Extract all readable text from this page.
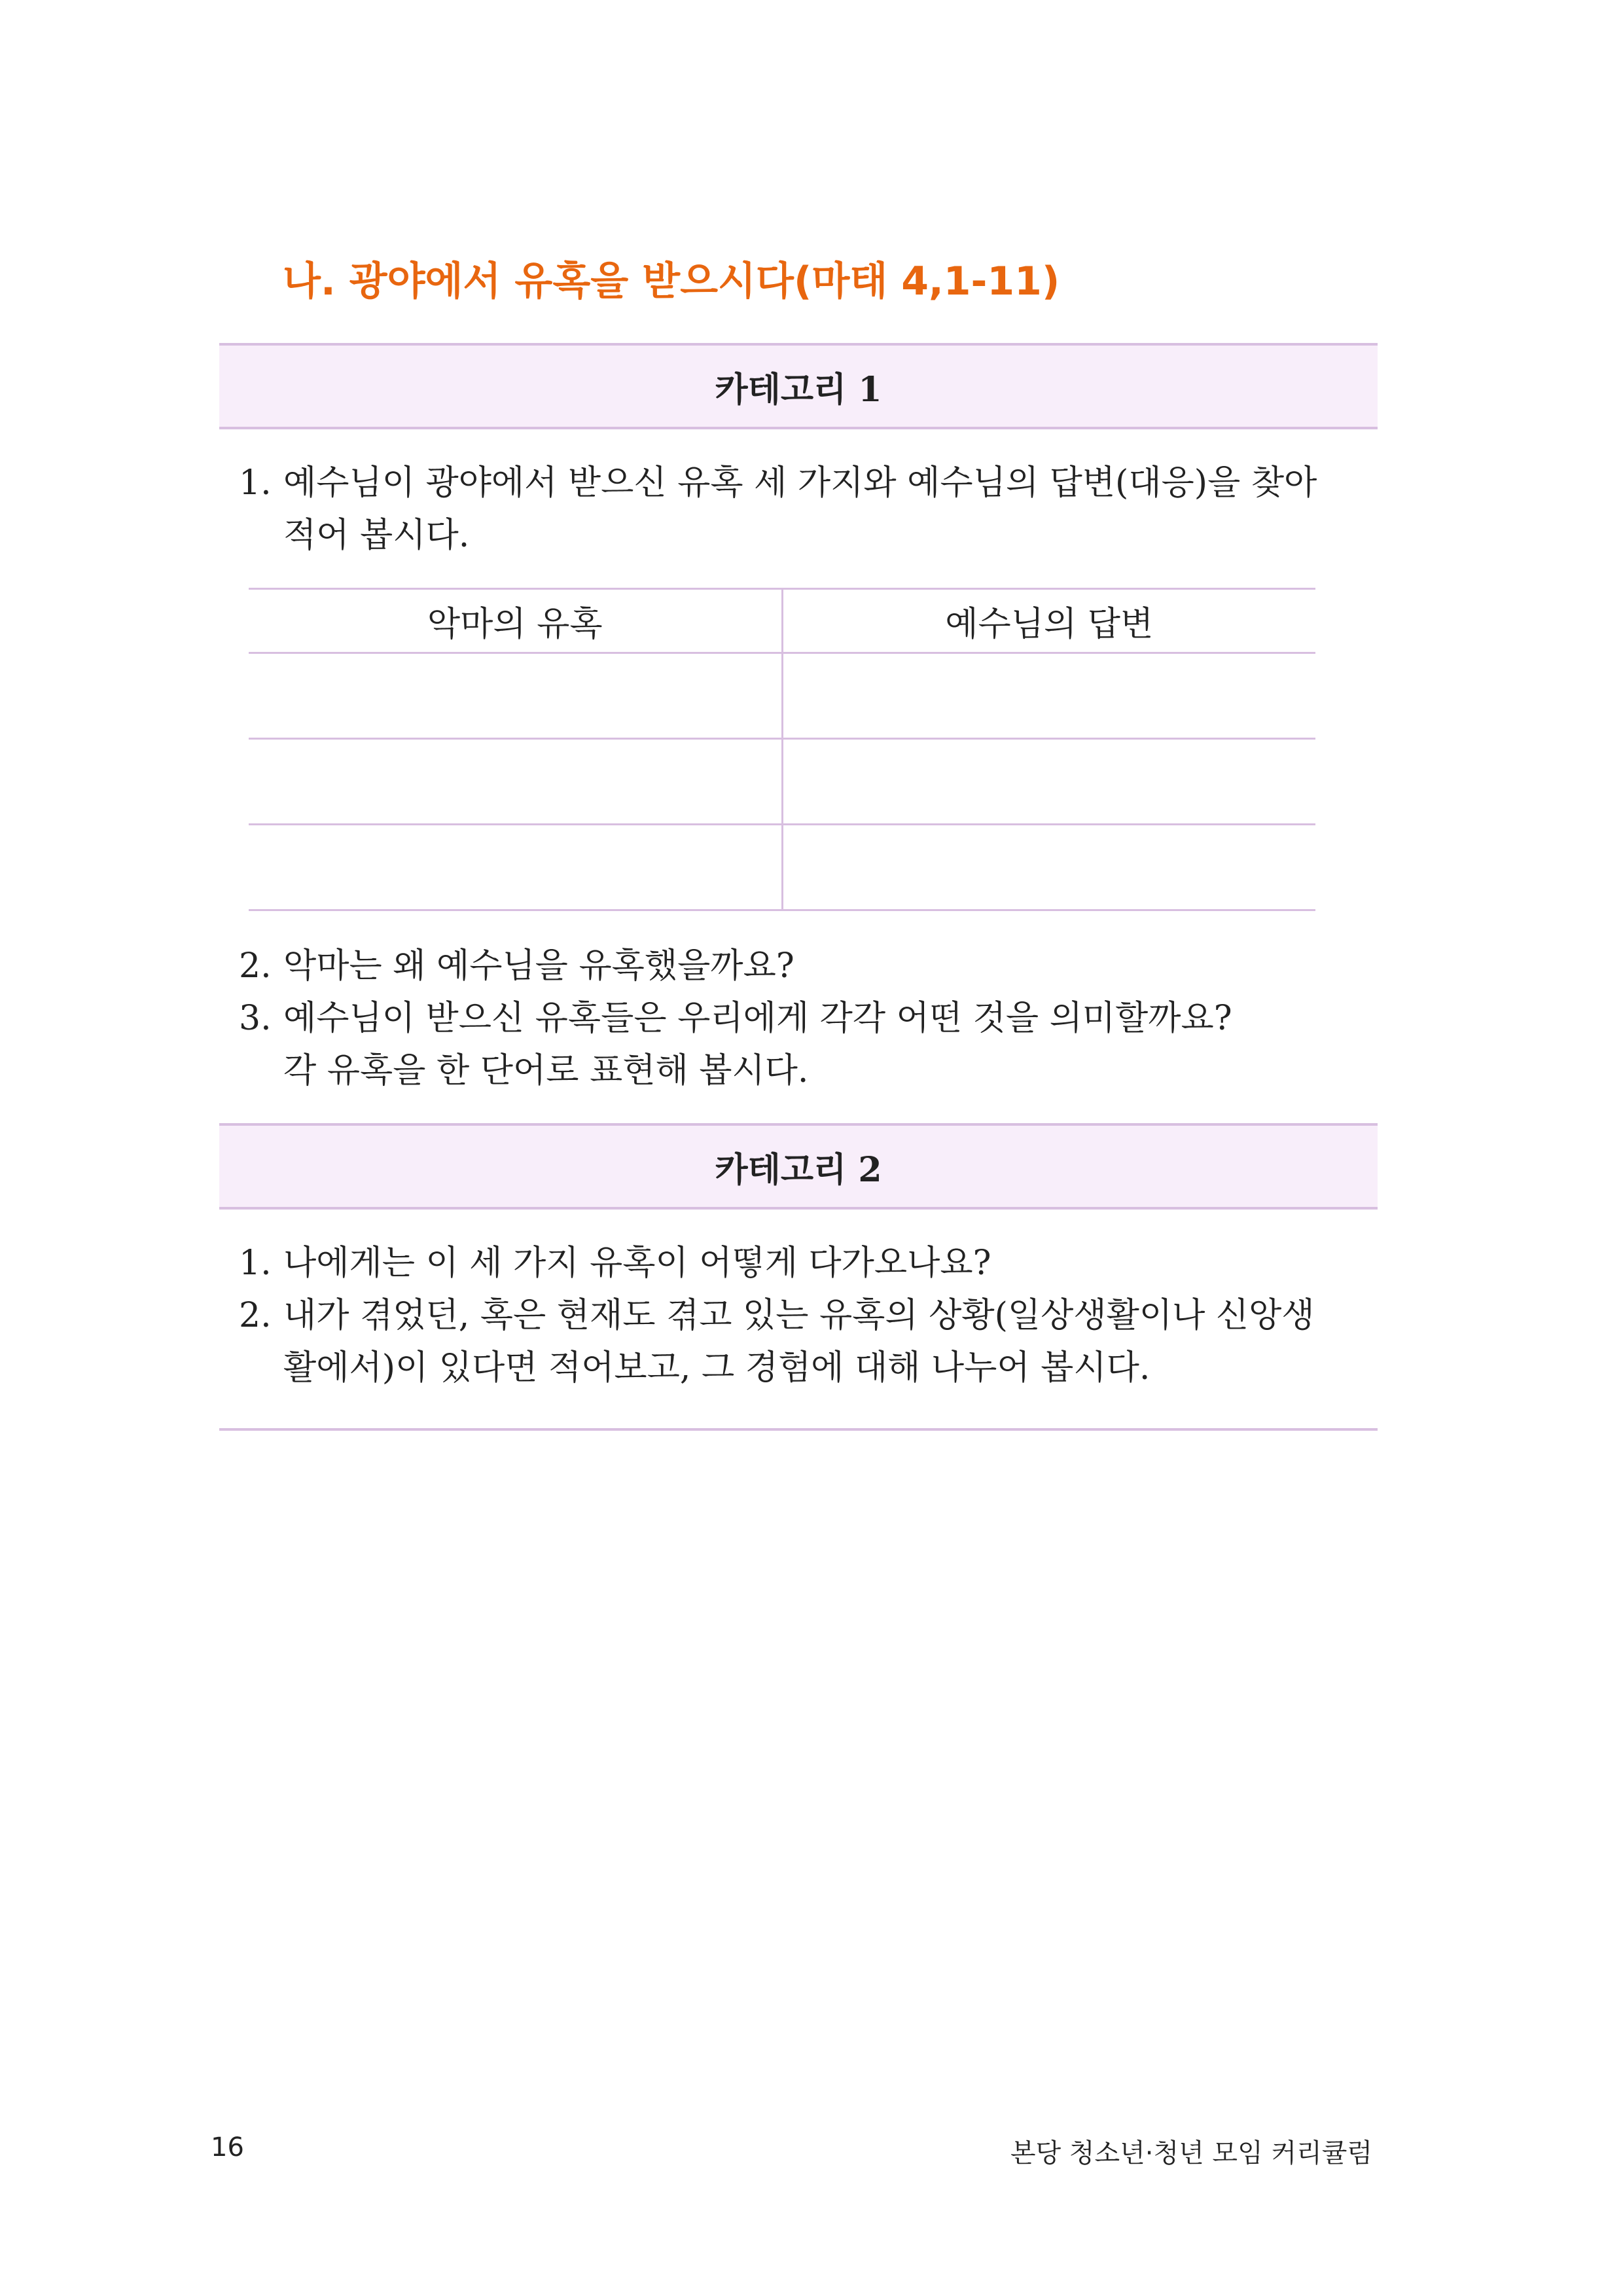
나. 광야에서 유혹을 받으시다(마태 4,1-11)
카테고리 1
1. 예수님이 광야에서 받으신 유혹 세 가지와 예수님의 답변(대응)을 찾아
적어 봅시다.
악마의 유혹	예수님의 답변

2. 악마는 왜 예수님을 유혹했을까요?
3. 예수님이 받으신 유혹들은 우리에게 각각 어떤 것을 의미할까요?
각 유혹을 한 단어로 표현해 봅시다.
카테고리 2
1. 나에게는 이 세 가지 유혹이 어떻게 다가오나요?
2. 내가 겪었던, 혹은 현재도 겪고 있는 유혹의 상황(일상생활이나 신앙생
활에서)이 있다면 적어보고, 그 경험에 대해 나누어 봅시다.
16	본당 청소년·청년 모임 커리큘럼
